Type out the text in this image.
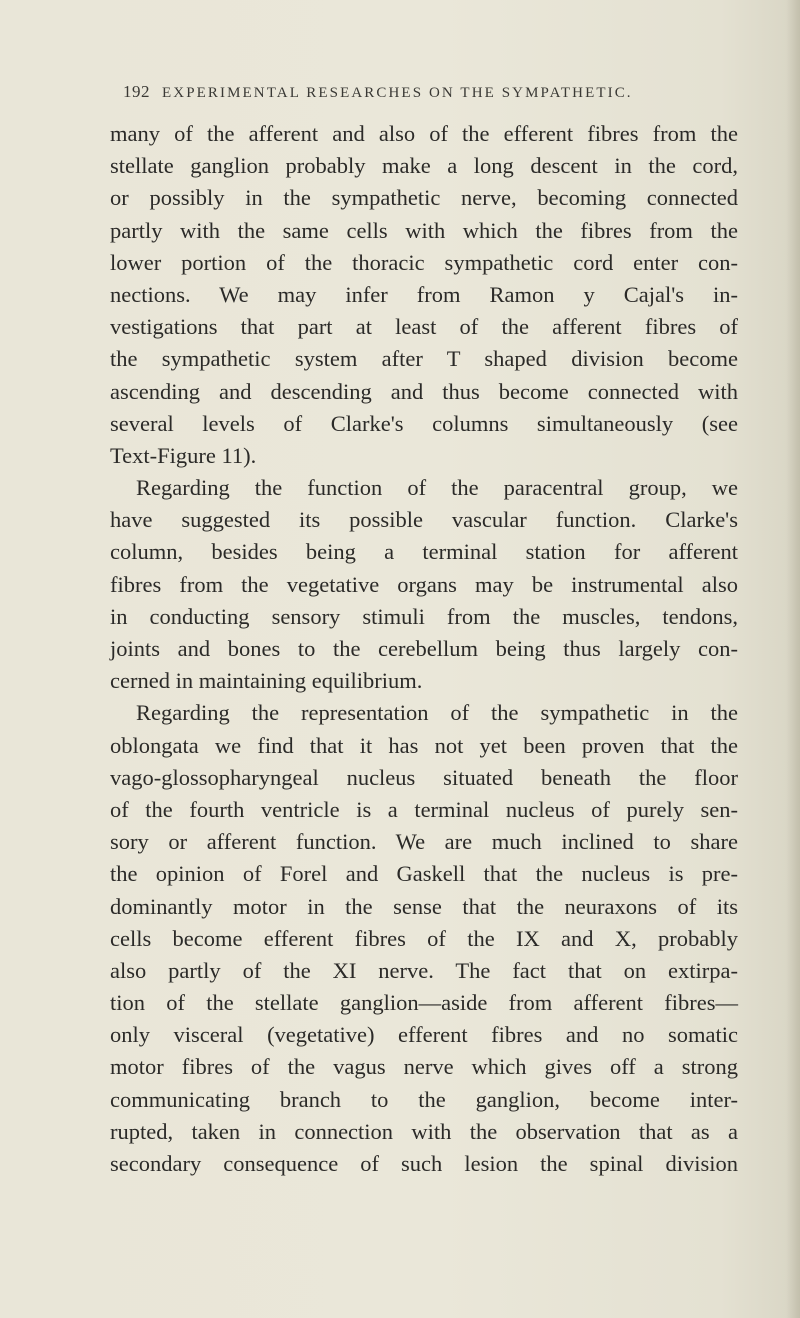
192 EXPERIMENTAL RESEARCHES ON THE SYMPATHETIC.
many of the afferent and also of the efferent fibres from the
stellate ganglion probably make a long descent in the cord,
or possibly in the sympathetic nerve, becoming connected
partly with the same cells with which the fibres from the
lower portion of the thoracic sympathetic cord enter con-
nections. We may infer from Ramon y Cajal's in-
vestigations that part at least of the afferent fibres of
the sympathetic system after T shaped division become
ascending and descending and thus become connected with
several levels of Clarke's columns simultaneously (see
Text-Figure 11).
Regarding the function of the paracentral group, we
have suggested its possible vascular function. Clarke's
column, besides being a terminal station for afferent
fibres from the vegetative organs may be instrumental also
in conducting sensory stimuli from the muscles, tendons,
joints and bones to the cerebellum being thus largely con-
cerned in maintaining equilibrium.
Regarding the representation of the sympathetic in the
oblongata we find that it has not yet been proven that the
vago-glossopharyngeal nucleus situated beneath the floor
of the fourth ventricle is a terminal nucleus of purely sen-
sory or afferent function. We are much inclined to share
the opinion of Forel and Gaskell that the nucleus is pre-
dominantly motor in the sense that the neuraxons of its
cells become efferent fibres of the IX and X, probably
also partly of the XI nerve. The fact that on extirpa-
tion of the stellate ganglion—aside from afferent fibres—
only visceral (vegetative) efferent fibres and no somatic
motor fibres of the vagus nerve which gives off a strong
communicating branch to the ganglion, become inter-
rupted, taken in connection with the observation that as a
secondary consequence of such lesion the spinal division
